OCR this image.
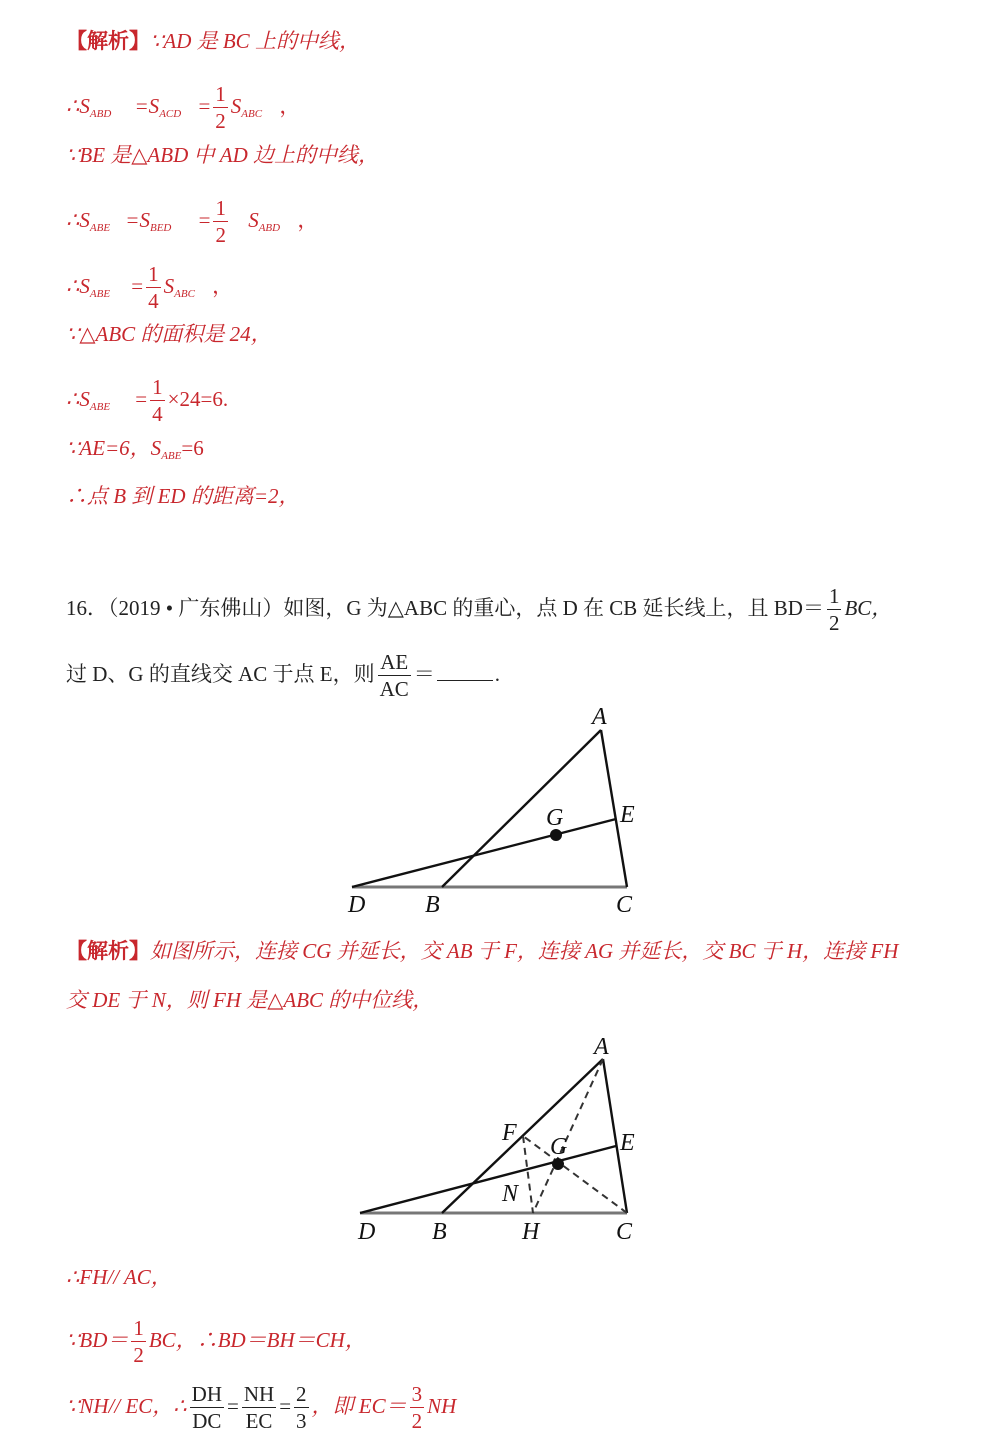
【解析】∵AD 是 BC 上的中线，
$\therefore S_{ABD} =S_{ACD} = \frac{1}{2} S_{ABC}$ ，
∵BE 是△ABD 中 AD 边上的中线，
$\therefore S_{ABE} =S_{BED} = \frac{1}{2} S_{ABD}$ ，
$\therefore S_{ABE} = \frac{1}{4} S_{ABC}$ ，
∵△ABC 的面积是 24，
$\therefore S_{ABE} = \frac{1}{4} \times 24=6$.
∵AE=6，$S_{ABE}=6$
∴点 B 到 ED 的距离=2，
16．（2019 • 广东佛山）如图，G 为△ABC 的重心，点 D 在 CB 延长线上，且 $BD= \frac{1}{2}$ BC，
过 D、G 的直线交 AC 于点 E，则 $\frac{AE}{AC}$ ＝	.
A
B	C
D
E
G
【解析】如图所示，连接 CG 并延长，交 AB 于 F，连接 AG 并延长，交 BC 于 H，连接 FH
交 DE 于 N，则 FH 是△ABC 的中位线，
A
B	C
D
E
F
G
H
N
∴FH// AC，
∵BD＝ $\frac{1}{2}$ BC，∴BD＝BH＝CH，
∵NH// EC，∴ $\frac{DH}{DC} = \frac{NH}{EC} = \frac{2}{3}$ ，即 $EC= \frac{3}{2}$ NH
